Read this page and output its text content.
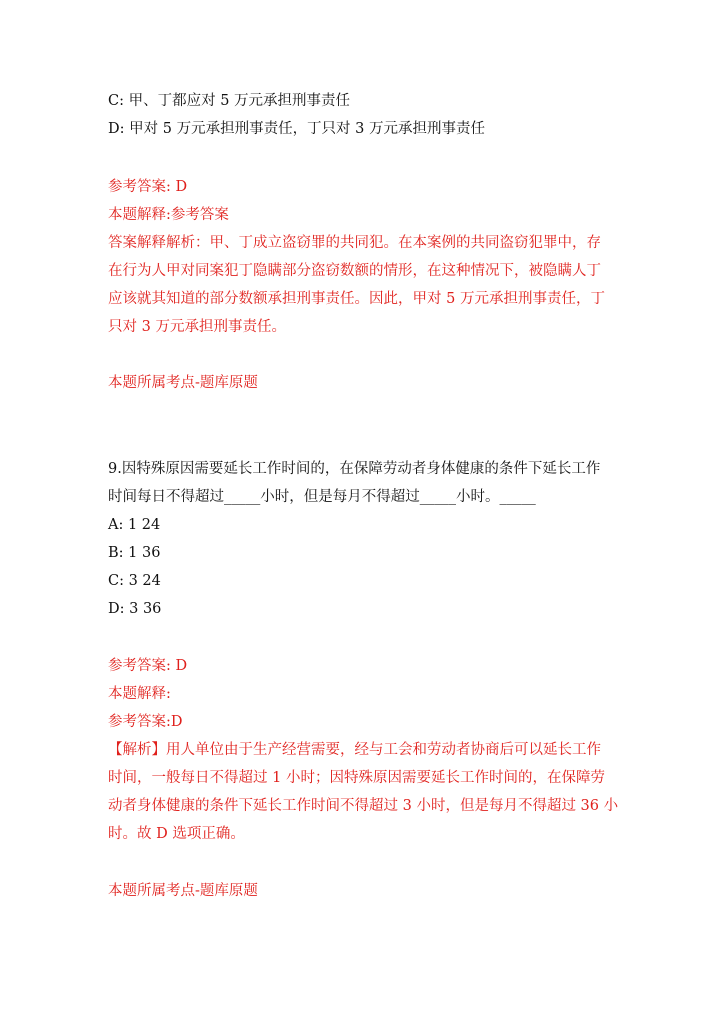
C: 甲、丁都应对 5 万元承担刑事责任

D: 甲对 5 万元承担刑事责任，丁只对 3 万元承担刑事责任

参考答案: D

本题解释:参考答案

答案解释解析：甲、丁成立盗窃罪的共同犯。在本案例的共同盗窃犯罪中，存

在行为人甲对同案犯丁隐瞒部分盗窃数额的情形，在这种情况下，被隐瞒人丁

应该就其知道的部分数额承担刑事责任。因此，甲对 5 万元承担刑事责任，丁

只对 3 万元承担刑事责任。

本题所属考点-题库原题

9.因特殊原因需要延长工作时间的，在保障劳动者身体健康的条件下延长工作

时间每日不得超过_____小时，但是每月不得超过_____小时。_____

A: 1 24

B: 1 36

C: 3 24

D: 3 36

参考答案: D

本题解释:

参考答案:D

【解析】用人单位由于生产经营需要，经与工会和劳动者协商后可以延长工作

时间，一般每日不得超过 1 小时；因特殊原因需要延长工作时间的，在保障劳

动者身体健康的条件下延长工作时间不得超过 3 小时，但是每月不得超过 36 小

时。故 D 选项正确。

本题所属考点-题库原题
